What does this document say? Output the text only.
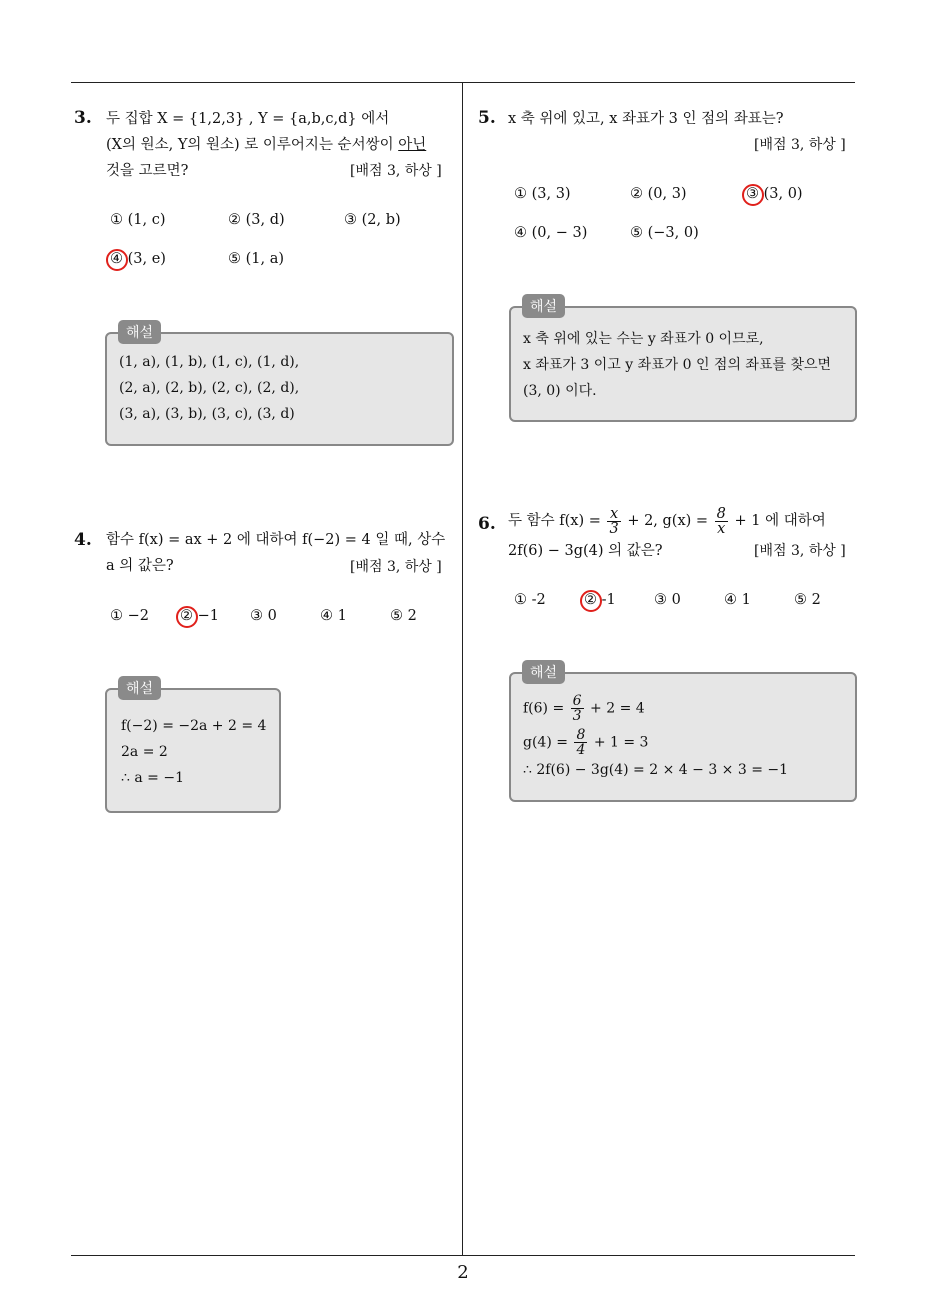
3. 두 집합 X = {1,2,3} , Y = {a,b,c,d} 에서
(X의 원소, Y의 원소) 로 이루어지는 순서쌍이 아닌
것을 고르면?	[배점 3, 하상 ]
① (1, c)	② (3, d)	③ (2, b)
④ (3, e)	⑤ (1, a)
(1, a), (1, b), (1, c), (1, d),
(2, a), (2, b), (2, c), (2, d),
(3, a), (3, b), (3, c), (3, d)
해설
4. 함수 f(x) = ax + 2 에 대하여 f(−2) = 4 일 때, 상수
a 의 값은?	[배점 3, 하상 ]
① −2 ② −1 ③ 0	④ 1	⑤ 2
f(−2) = −2a + 2 = 4
2a = 2
∴ a = −1
해설
5. x 축 위에 있고, x 좌표가 3 인 점의 좌표는?
[배점 3, 하상 ]
① (3, 3)	② (0, 3)	③ (3, 0)
④ (0, − 3)	⑤ (−3, 0)
x 축 위에 있는 수는 y 좌표가 0 이므로,
x 좌표가 3 이고 y 좌표가 0 인 점의 좌표를 찾으면
(3, 0) 이다.
해설
6. 두 함수 $f(x) = \frac{x}{3} + 2$, $g(x) = \frac{8}{x} + 1$ 에 대하여
2f(6) − 3g(4) 의 값은?	[배점 3, 하상 ]
① -2	② -1	③ 0	④ 1	⑤ 2
$f(6) = \frac{6}{3} + 2 = 4$
$g(4) = \frac{8}{4} + 1 = 3$
∴ 2f(6) − 3g(4) = 2 × 4 − 3 × 3 = −1
해설
2
